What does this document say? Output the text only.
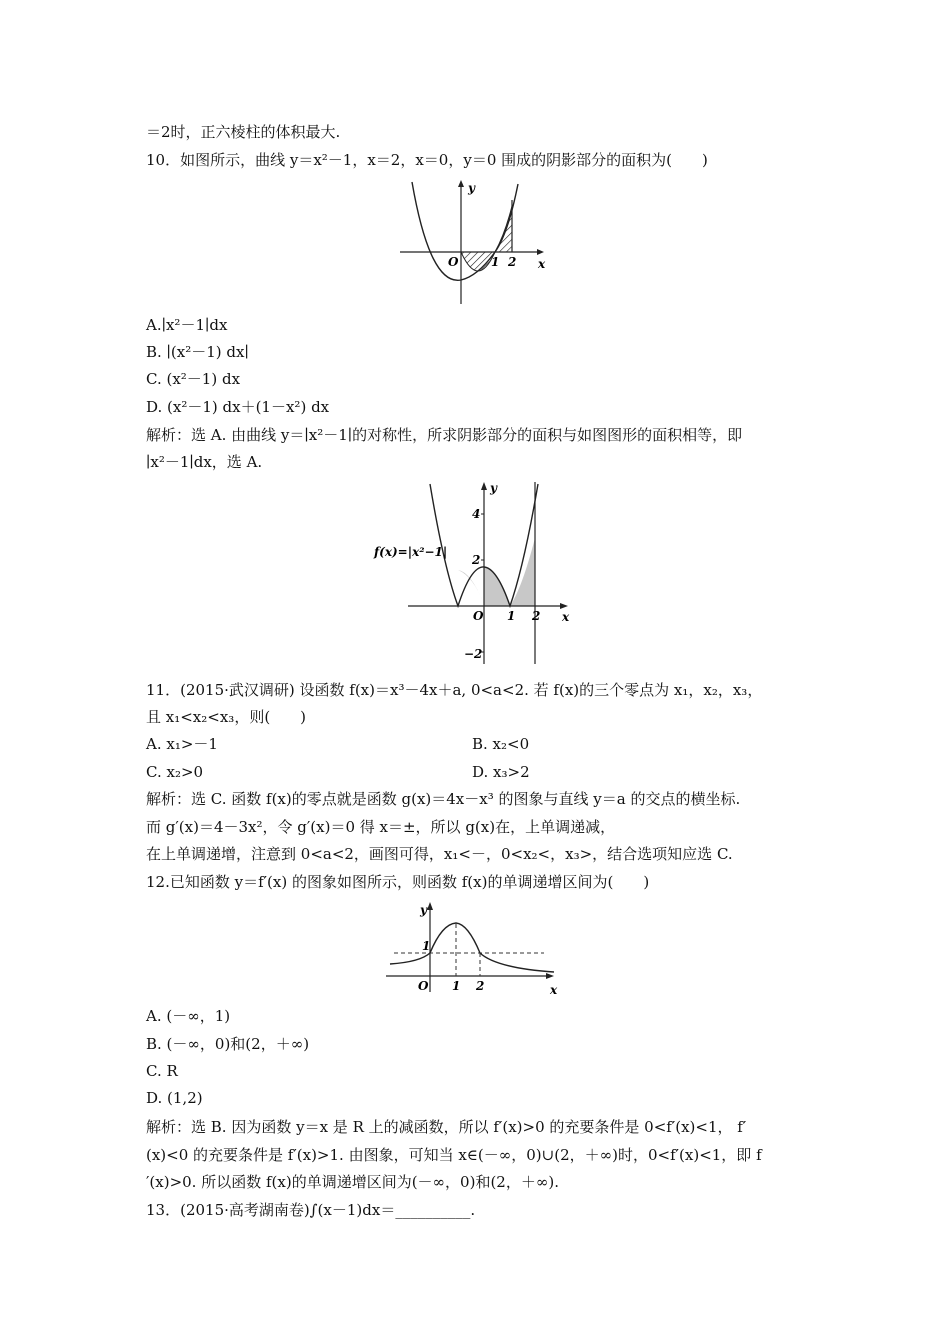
＝2时，正六棱柱的体积最大.
10．如图所示，曲线 y＝x²－1，x＝2，x＝0，y＝0 围成的阴影部分的面积为(　　)
y
x
O	1 2
A.∣x²－1∣dx
B. ∣(x²－1) dx∣
C. (x²－1) dx
D. (x²－1) dx＋(1－x²) dx
解析：选 A. 由曲线 y＝∣x²－1∣的对称性，所求阴影部分的面积与如图图形的面积相等，即
∣x²－1∣dx，选 A.
y
x
O 1 2
4
2
−2
f(x)=|x²−1|
11．(2015·武汉调研) 设函数 f(x)＝x³－4x＋a, 0<a<2. 若 f(x)的三个零点为 x₁，x₂，x₃，
且 x₁<x₂<x₃，则(　　)
A. x₁>－1	B. x₂<0
C. x₂>0	D. x₃>2
解析：选 C. 函数 f(x)的零点就是函数 g(x)＝4x－x³ 的图象与直线 y＝a 的交点的横坐标.
而 g′(x)＝4－3x²，令 g′(x)＝0 得 x＝±，所以 g(x)在，上单调递减，
在上单调递增，注意到 0<a<2，画图可得，x₁<－，0<x₂<，x₃>，结合选项知应选 C.
12.已知函数 y＝f′(x) 的图象如图所示，则函数 f(x)的单调递增区间为(　　)
y
x
O 1 2
1
A. (－∞，1)
B. (－∞，0)和(2，＋∞)
C. R
D. (1,2)
解析：选 B. 因为函数 y＝x 是 R 上的减函数，所以 f′(x)>0 的充要条件是 0<f′(x)<1， f′
(x)<0 的充要条件是 f′(x)>1. 由图象，可知当 x∈(－∞，0)∪(2，＋∞)时，0<f′(x)<1，即 f
′(x)>0. 所以函数 f(x)的单调递增区间为(－∞，0)和(2，＋∞).
13．(2015·高考湖南卷)∫(x－1)dx＝__________.
